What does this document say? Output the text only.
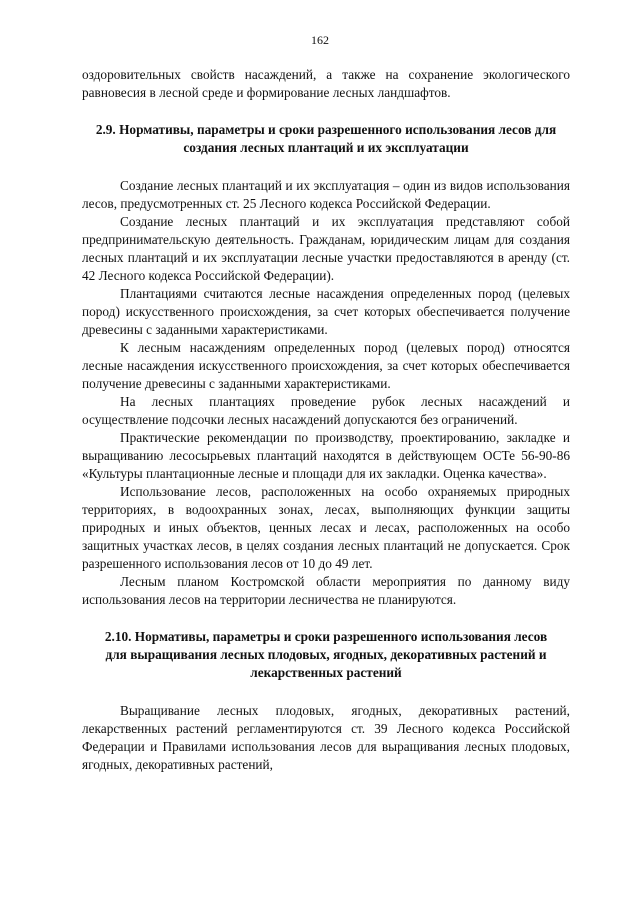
162

оздоровительных свойств насаждений, а также на сохранение экологического равновесия в лесной среде и формирование лесных ландшафтов.

2.9. Нормативы, параметры и сроки разрешенного использования лесов для
создания лесных плантаций и их эксплуатации

Создание лесных плантаций и их эксплуатация – один из видов использования лесов, предусмотренных ст. 25 Лесного кодекса Российской Федерации.

Создание лесных плантаций и их эксплуатация представляют собой предпринимательскую деятельность. Гражданам, юридическим лицам для создания лесных плантаций и их эксплуатации лесные участки предоставляются в аренду (ст. 42 Лесного кодекса Российской Федерации).

Плантациями считаются лесные насаждения определенных пород (целевых пород) искусственного происхождения, за счет которых обеспечивается получение древесины с заданными характеристиками.

К лесным насаждениям определенных пород (целевых пород) относятся лесные насаждения искусственного происхождения, за счет которых обеспечивается получение древесины с заданными характеристиками.

На лесных плантациях проведение рубок лесных насаждений и осуществление подсочки лесных насаждений допускаются без ограничений.

Практические рекомендации по производству, проектированию, закладке и выращиванию лесосырьевых плантаций находятся в действующем ОСТе 56-90-86 «Культуры плантационные лесные и площади для их закладки. Оценка качества».

Использование лесов, расположенных на особо охраняемых природных территориях, в водоохранных зонах, лесах, выполняющих функции защиты природных и иных объектов, ценных лесах и лесах, расположенных на особо защитных участках лесов, в целях создания лесных плантаций не допускается. Срок разрешенного использования лесов от 10 до 49 лет.

Лесным планом Костромской области мероприятия по данному виду использования лесов на территории лесничества не планируются.

2.10. Нормативы, параметры и сроки разрешенного использования лесов
для выращивания лесных плодовых, ягодных, декоративных растений и
лекарственных растений

Выращивание лесных плодовых, ягодных, декоративных растений, лекарственных растений регламентируются ст. 39 Лесного кодекса Российской Федерации и Правилами использования лесов для выращивания лесных плодовых, ягодных, декоративных растений,
